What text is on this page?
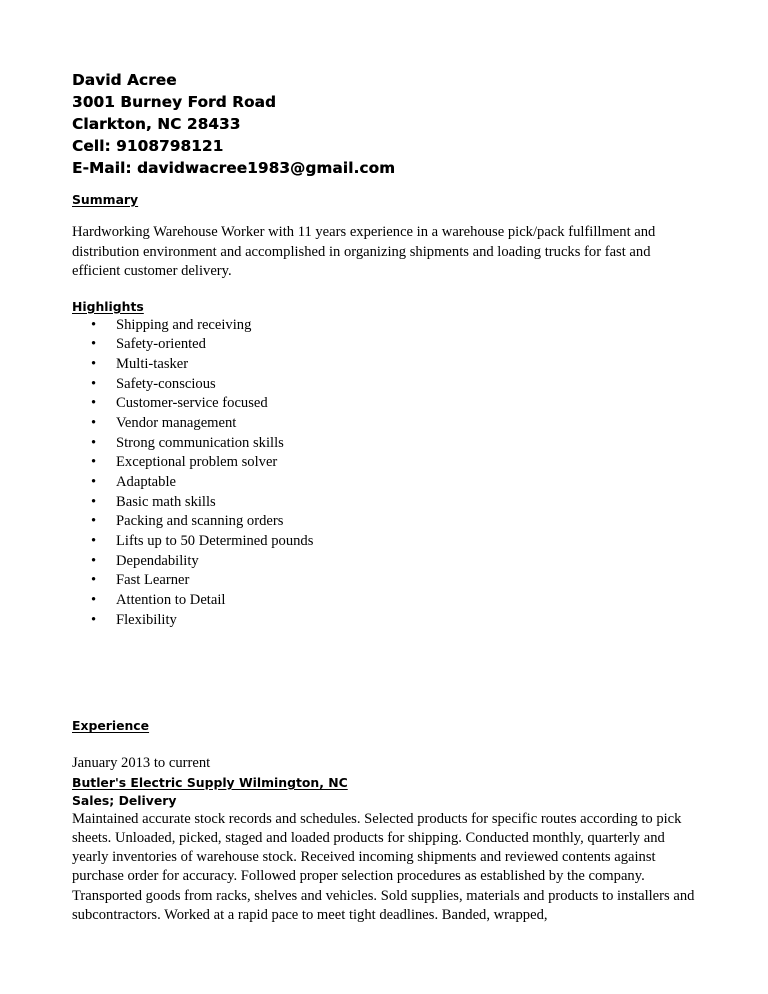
David Acree
3001 Burney Ford Road
Clarkton, NC 28433
Cell: 9108798121
E-Mail: davidwacree1983@gmail.com
Summary
Hardworking Warehouse Worker with 11 years experience in a warehouse pick/pack fulfillment and distribution environment and accomplished in organizing shipments and loading trucks for fast and efficient customer delivery.
Highlights
• Shipping and receiving
• Safety-oriented
• Multi-tasker
• Safety-conscious
• Customer-service focused
• Vendor management
• Strong communication skills
• Exceptional problem solver
• Adaptable
• Basic math skills
• Packing and scanning orders
• Lifts up to 50 Determined pounds
• Dependability
• Fast Learner
• Attention to Detail
• Flexibility
Experience
January 2013 to current
Butler's Electric Supply Wilmington, NC
Sales; Delivery
Maintained accurate stock records and schedules. Selected products for specific routes according to pick sheets. Unloaded, picked, staged and loaded products for shipping. Conducted monthly, quarterly and yearly inventories of warehouse stock. Received incoming shipments and reviewed contents against purchase order for accuracy. Followed proper selection procedures as established by the company. Transported goods from racks, shelves and vehicles. Sold supplies, materials and products to installers and subcontractors. Worked at a rapid pace to meet tight deadlines. Banded, wrapped,
